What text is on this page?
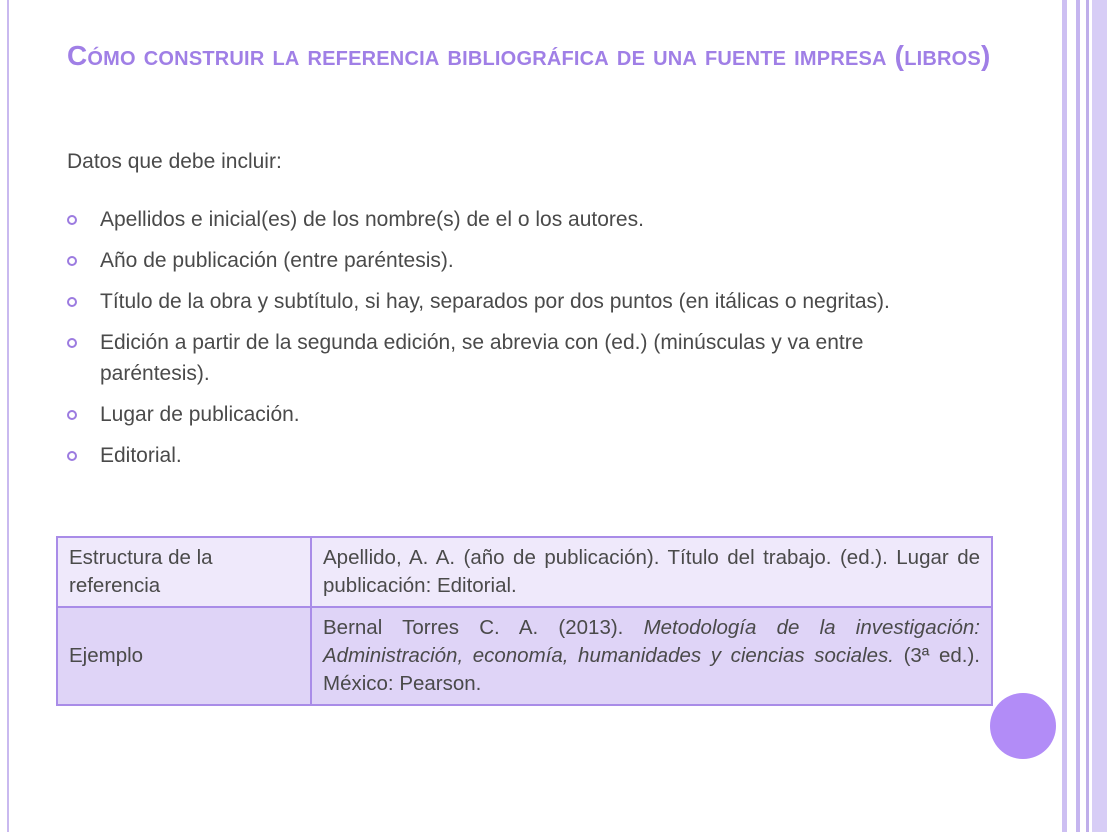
Cómo construir la referencia bibliográfica de una fuente impresa (libros)

Datos que debe incluir:

Apellidos e inicial(es) de los nombre(s) de el o los autores.
Año de publicación (entre paréntesis).
Título de la obra y subtítulo, si hay, separados por dos puntos (en itálicas o negritas).
Edición a partir de la segunda edición, se abrevia con (ed.) (minúsculas y va entre paréntesis).
Lugar de publicación.
Editorial.
Estructura de la referencia	Apellido, A. A. (año de publicación). Título del trabajo. (ed.). Lugar de publicación: Editorial.
Ejemplo	Bernal Torres C. A. (2013). Metodología de la investigación: Administración, economía, humanidades y ciencias sociales. (3ª ed.). México: Pearson.
